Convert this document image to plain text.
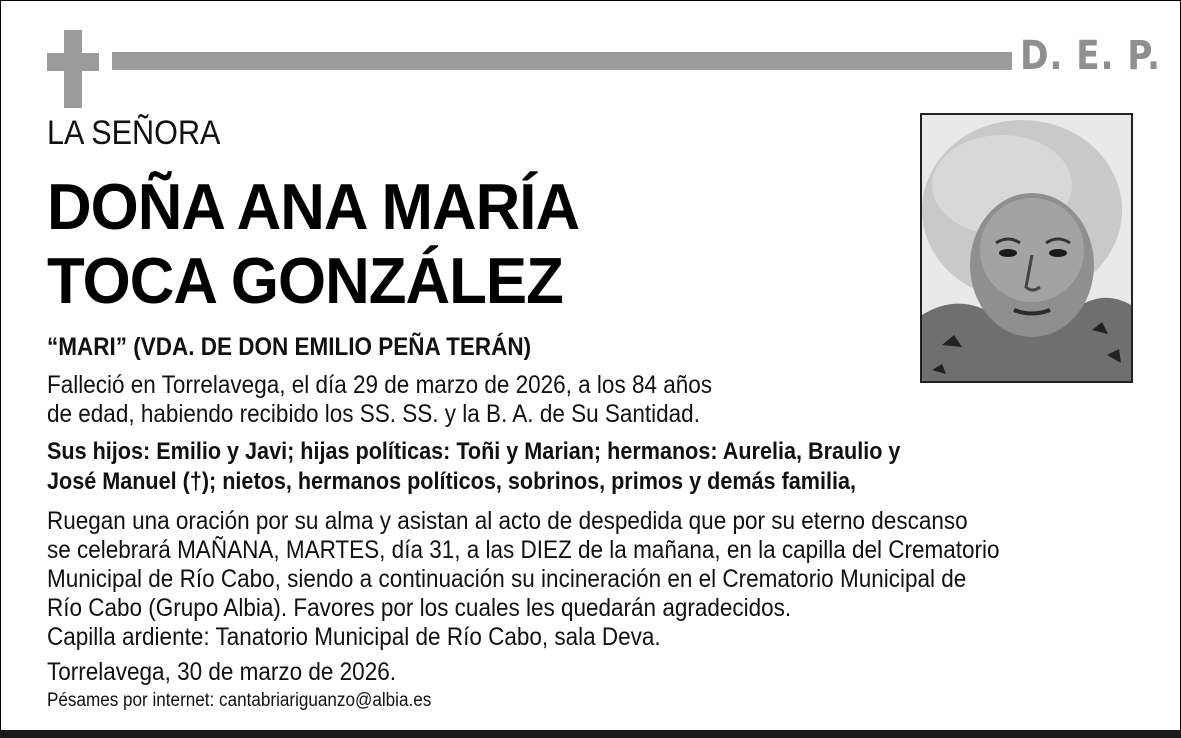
D. E. P.
LA SEÑORA
DOÑA ANA MARÍA
TOCA GONZÁLEZ
“MARI” (VDA. DE DON EMILIO PEÑA TERÁN)
Falleció en Torrelavega, el día 29 de marzo de 2026, a los 84 años
de edad, habiendo recibido los SS. SS. y la B. A. de Su Santidad.
Sus hijos: Emilio y Javi; hijas políticas: Toñi y Marian; hermanos: Aurelia, Braulio y
José Manuel (†); nietos, hermanos políticos, sobrinos, primos y demás familia,
Ruegan una oración por su alma y asistan al acto de despedida que por su eterno descanso
se celebrará MAÑANA, MARTES, día 31, a las DIEZ de la mañana, en la capilla del Crematorio
Municipal de Río Cabo, siendo a continuación su incineración en el Crematorio Municipal de
Río Cabo (Grupo Albia). Favores por los cuales les quedarán agradecidos.
Capilla ardiente: Tanatorio Municipal de Río Cabo, sala Deva.
Torrelavega, 30 de marzo de 2026.
Pésames por internet: cantabriariguanzo@albia.es
